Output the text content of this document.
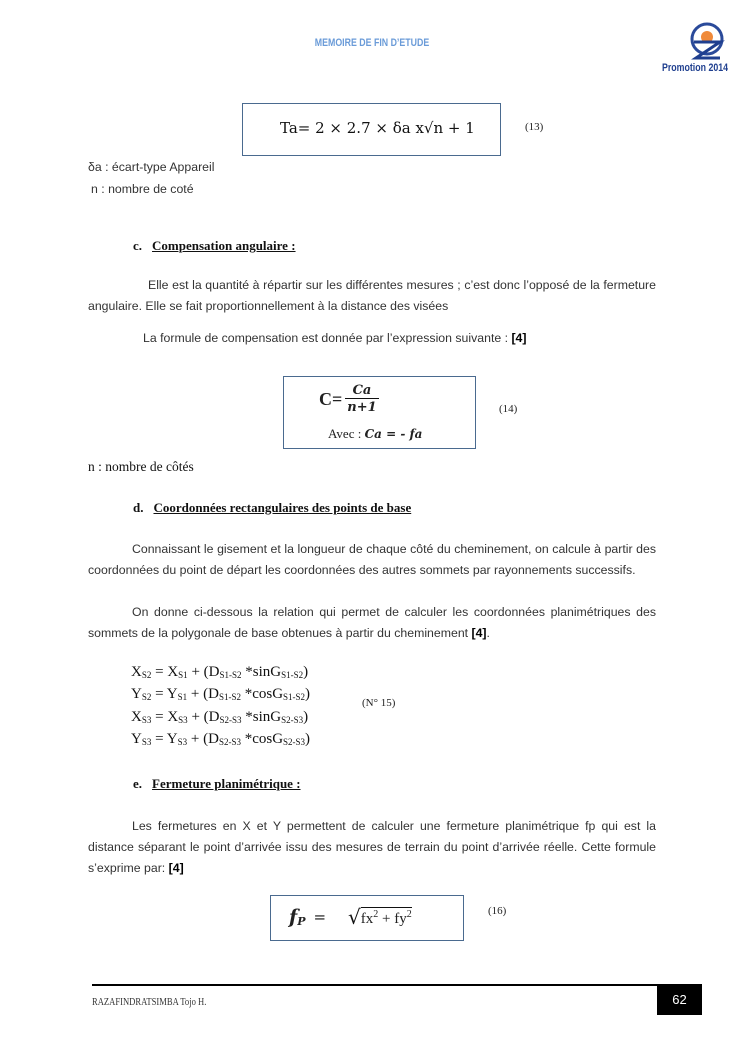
MEMOIRE DE FIN D’ETUDE
Promotion 2014
Ta= 2 × 2.7 × δa x√n + 1	(13)
δa : écart-type Appareil
n : nombre de coté
c. Compensation angulaire :
Elle est la quantité à répartir sur les différentes mesures ; c’est donc l’opposé de la fermeture angulaire. Elle se fait proportionnellement à la distance des visées
La formule de compensation est donnée par l’expression suivante : [4]
$C= \frac{Ca}{n+1}$
Avec : Ca = - fa
(14)
n : nombre de côtés
d. Coordonnées rectangulaires des points de base
Connaissant le gisement et la longueur de chaque côté du cheminement, on calcule à partir des coordonnées du point de départ les coordonnées des autres sommets par rayonnements successifs.
On donne ci-dessous la relation qui permet de calculer les coordonnées planimétriques des sommets de la polygonale de base obtenues à partir du cheminement [4].
$X_{S2} = X_{S1} + (D_{S1-S2}$ *sinG$_{S1-S2}$)
$Y_{S2} = Y_{S1} + (D_{S1-S2}$ *cosG$_{S1-S2}$)
$X_{S3} = X_{S3} + (D_{S2-S3}$ *sinG$_{S2-S3}$)
$Y_{S3} = Y_{S3} + (D_{S2-S3}$ *cosG$_{S2-S3}$)
(N° 15)
e. Fermeture planimétrique :
Les fermetures en X et Y permettent de calculer une fermeture planimétrique fp qui est la distance séparant le point d’arrivée issu des mesures de terrain du point d’arrivée réelle. Cette formule s’exprime par: [4]
f P = √ $fx^2 + fy^2$	(16)
RAZAFINDRATSIMBA Tojo H.	62
